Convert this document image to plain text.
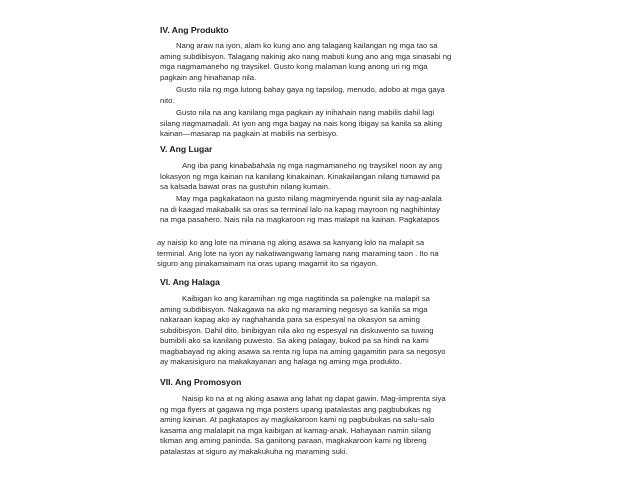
IV. Ang Produkto
Nang araw na iyon, alam ko kung ano ang talagang kailangan ng mga tao sa
aming subdibisyon. Talagang nakinig ako nang mabuti kung ano ang mga sinasabi ng
mga nagmamaneho ng traysikel. Gusto kong malaman kung anong uri ng mga
pagkain ang hinahanap nila.
Gusto nila ng mga lutong bahay gaya ng tapsilog, menudo, adobo at mga gaya
nito.
Gusto nila na ang kanilang mga pagkain ay inihahain nang mabilis dahil lagi
silang nagmamadali. At iyon ang mga bagay na nais kong ibigay sa kanila sa aking
kainan—masarap na pagkain at mabilis na serbisyo.
V. Ang Lugar
Ang iba pang kinababahala ng mga nagmamaneho ng traysikel noon ay ang
lokasyon ng mga kainan na kanilang kinakainan. Kinakailangan nilang tumawid pa
sa kalsada bawat oras na gustuhin nilang kumain.
May mga pagkakataon na gusto nilang magmiryenda ngunit sila ay nag-aalala
na di kaagad makabalik sa oras sa terminal lalo na kapag mayroon ng naghihintay
na mga pasahero. Nais nila na magkaroon ng mas malapit na kainan. Pagkatapos
ay naisip ko ang lote na minana ng aking asawa sa kanyang lolo na malapit sa
terminal. Ang lote na iyon ay nakatiwangwang lamang nang maraming taon . Ito na
siguro ang pinakamainam na oras upang magamit ito sa ngayon.
VI. Ang Halaga
Kaibigan ko ang karamihan ng mga nagtitinda sa palengke na malapit sa
aming subdibisyon. Nakagawa na ako ng maraming negosyo sa kanila sa mga
nakaraan kapag ako ay naghahanda para sa espesyal na okasyon sa aming
subdibisyon. Dahil dito, binibigyan nila ako ng espesyal na diskuwento sa tuwing
bumibili ako sa kanilang puwesto. Sa aking palagay, bukod pa sa hindi na kami
magbabayad ng aking asawa sa renta ng lupa na aming gagamitin para sa negosyo
ay makasisiguro na makakayanan ang halaga ng aming mga produkto.
VII. Ang Promosyon
Naisip ko na at ng aking asawa ang lahat ng dapat gawin. Mag-iimprenta siya
ng mga flyers at gagawa ng mga posters upang ipatalastas ang pagbubukas ng
aming kainan. At pagkatapos ay magkakaroon kami ng pagbubukas na salu-salo
kasama ang malalapit na mga kaibigan at kamag-anak. Hahayaan namin silang
tikman ang aming paninda. Sa ganitong paraan, magkakaroon kami ng libreng
patalastas at siguro ay makakukuha ng maraming suki.
